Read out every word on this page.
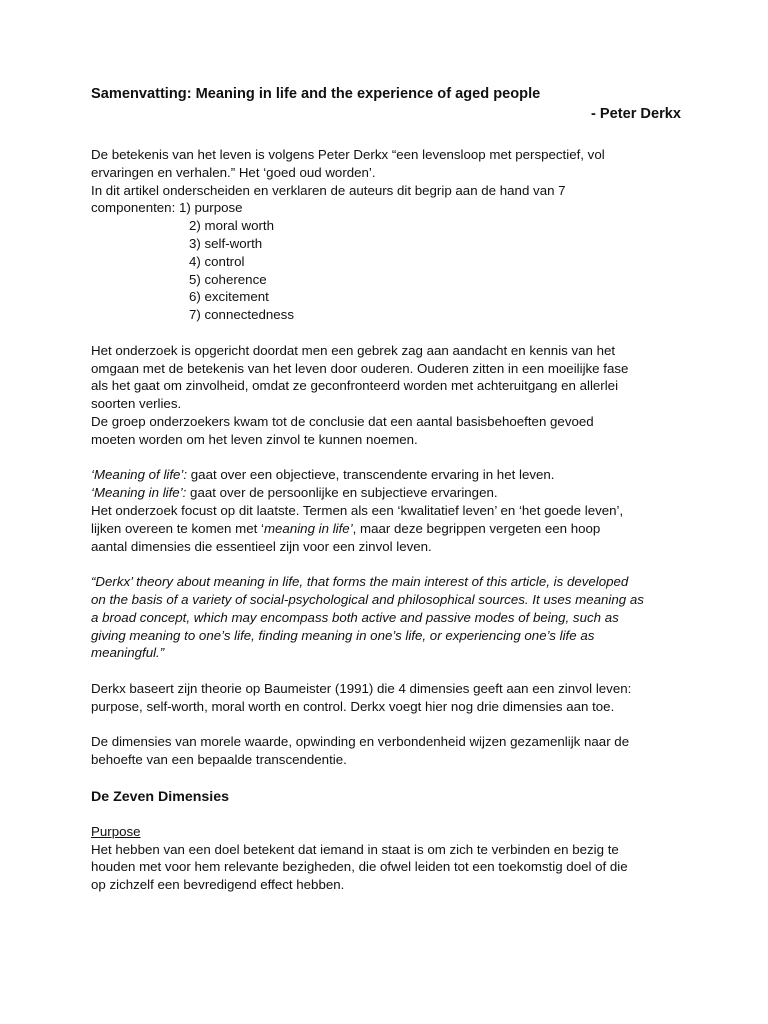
Samenvatting: Meaning in life and the experience of aged people
- Peter Derkx
De betekenis van het leven is volgens Peter Derkx “een levensloop met perspectief, vol
ervaringen en verhalen.” Het ‘goed oud worden’.
In dit artikel onderscheiden en verklaren de auteurs dit begrip aan de hand van 7
componenten: 1) purpose
2) moral worth
3) self-worth
4) control
5) coherence
6) excitement
7) connectedness
Het onderzoek is opgericht doordat men een gebrek zag aan aandacht en kennis van het
omgaan met de betekenis van het leven door ouderen. Ouderen zitten in een moeilijke fase
als het gaat om zinvolheid, omdat ze geconfronteerd worden met achteruitgang en allerlei
soorten verlies.
De groep onderzoekers kwam tot de conclusie dat een aantal basisbehoeften gevoed
moeten worden om het leven zinvol te kunnen noemen.
‘Meaning of life’: gaat over een objectieve, transcendente ervaring in het leven.
‘Meaning in life’: gaat over de persoonlijke en subjectieve ervaringen.
Het onderzoek focust op dit laatste. Termen als een ‘kwalitatief leven’ en ‘het goede leven’,
lijken overeen te komen met ‘meaning in life’, maar deze begrippen vergeten een hoop
aantal dimensies die essentieel zijn voor een zinvol leven.
“Derkx’ theory about meaning in life, that forms the main interest of this article, is developed
on the basis of a variety of social-psychological and philosophical sources. It uses meaning as
a broad concept, which may encompass both active and passive modes of being, such as
giving meaning to one’s life, finding meaning in one’s life, or experiencing one’s life as
meaningful.”
Derkx baseert zijn theorie op Baumeister (1991) die 4 dimensies geeft aan een zinvol leven:
purpose, self-worth, moral worth en control. Derkx voegt hier nog drie dimensies aan toe.
De dimensies van morele waarde, opwinding en verbondenheid wijzen gezamenlijk naar de
behoefte van een bepaalde transcendentie.
De Zeven Dimensies
Purpose
Het hebben van een doel betekent dat iemand in staat is om zich te verbinden en bezig te
houden met voor hem relevante bezigheden, die ofwel leiden tot een toekomstig doel of die
op zichzelf een bevredigend effect hebben.
